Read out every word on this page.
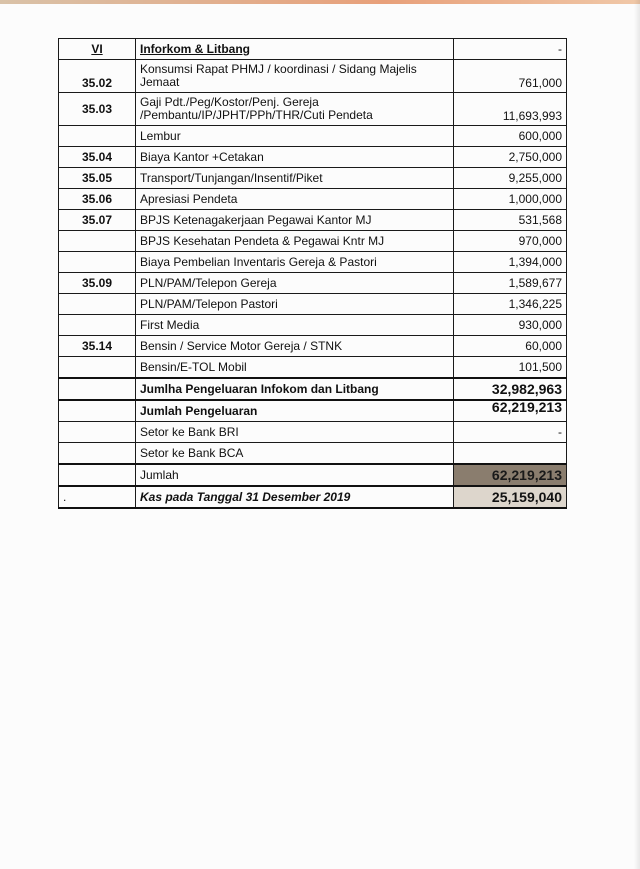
VI	Inforkom & Litbang	-
35.02	Konsumsi Rapat PHMJ / koordinasi / Sidang Majelis Jemaat	761,000
35.03	Gaji Pdt./Peg/Kostor/Penj. Gereja /Pembantu/IP/JPHT/PPh/THR/Cuti Pendeta	11,693,993
	Lembur	600,000
35.04	Biaya Kantor +Cetakan	2,750,000
35.05	Transport/Tunjangan/Insentif/Piket	9,255,000
35.06	Apresiasi Pendeta	1,000,000
35.07	BPJS Ketenagakerjaan Pegawai Kantor MJ	531,568
	BPJS Kesehatan Pendeta & Pegawai Kntr MJ	970,000
	Biaya Pembelian Inventaris Gereja & Pastori	1,394,000
35.09	PLN/PAM/Telepon Gereja	1,589,677
	PLN/PAM/Telepon Pastori	1,346,225
	First Media	930,000
35.14	Bensin / Service Motor Gereja / STNK	60,000
	Bensin/E-TOL Mobil	101,500
	Jumlha Pengeluaran Infokom dan Litbang	32,982,963
	Jumlah Pengeluaran	62,219,213
	Setor ke Bank BRI	-
	Setor ke Bank BCA	
	Jumlah	62,219,213
.	Kas pada Tanggal 31 Desember 2019	25,159,040
